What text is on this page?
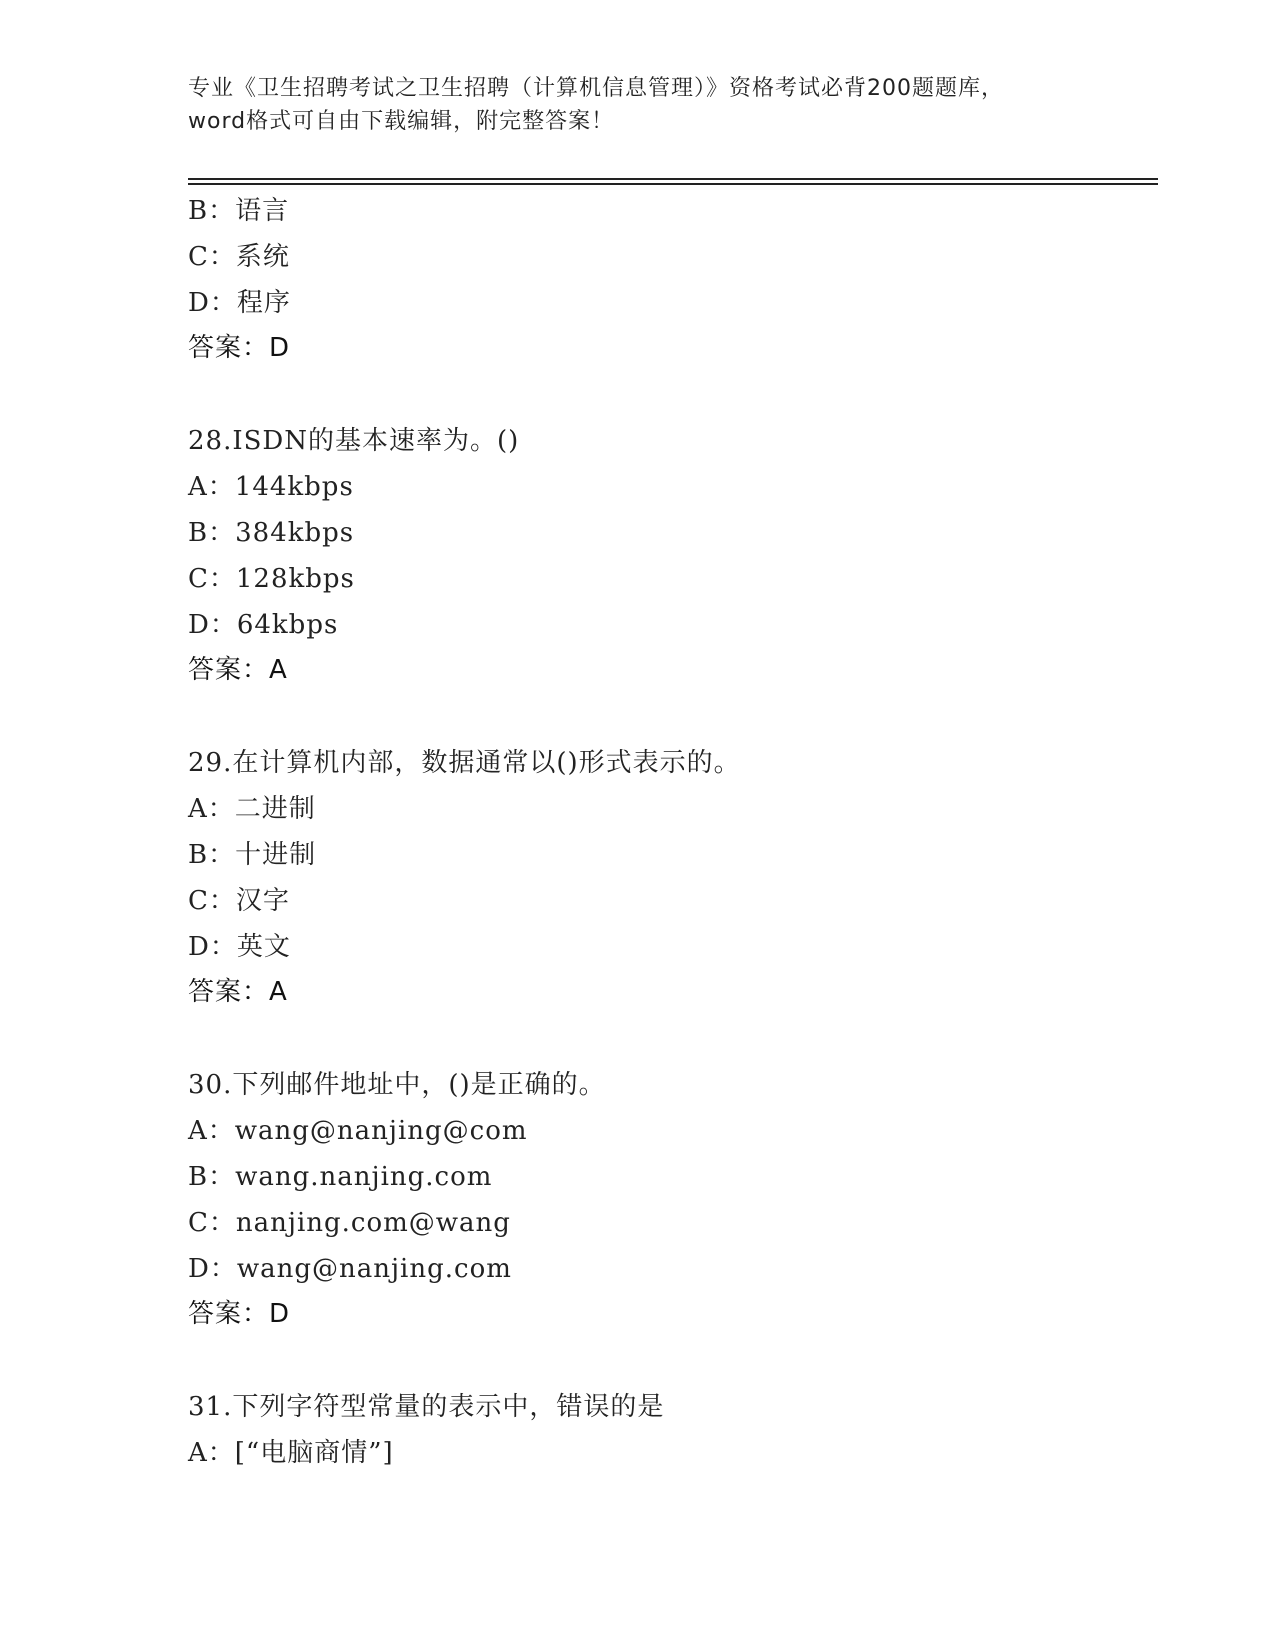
专业《卫生招聘考试之卫生招聘（计算机信息管理）》资格考试必背200题题库，
word格式可自由下载编辑，附完整答案！
B：语言
C：系统
D：程序
答案：D
28.ISDN的基本速率为。()
A：144kbps
B：384kbps
C：128kbps
D：64kbps
答案：A
29.在计算机内部，数据通常以()形式表示的。
A：二进制
B：十进制
C：汉字
D：英文
答案：A
30.下列邮件地址中，()是正确的。
A：wang@nanjing@com
B：wang.nanjing.com
C：nanjing.com@wang
D：wang@nanjing.com
答案：D
31.下列字符型常量的表示中，错误的是
A：[“电脑商情”]
